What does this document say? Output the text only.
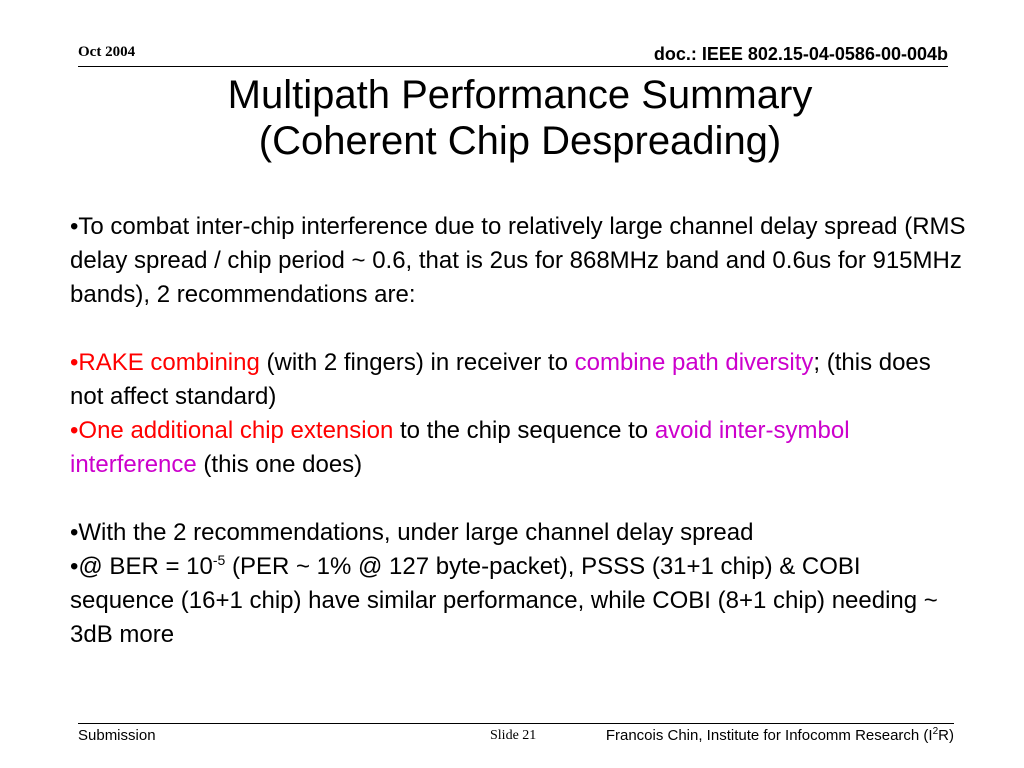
Oct 2004	doc.: IEEE 802.15-04-0586-00-004b
Multipath Performance Summary
(Coherent Chip Despreading)

•To combat inter-chip interference due to relatively large channel delay spread (RMS delay spread / chip period ~ 0.6, that is 2us for 868MHz band and 0.6us for 915MHz bands), 2 recommendations are:

•RAKE combining (with 2 fingers) in receiver to combine path diversity; (this does not affect standard)

•One additional chip extension to the chip sequence to avoid inter-symbol interference (this one does)

•With the 2 recommendations, under large channel delay spread

•@ BER = $10^{-5}$ (PER ~ 1% @ 127 byte-packet), PSSS (31+1 chip) & COBI sequence (16+1 chip) have similar performance, while COBI (8+1 chip) needing ~ 3dB more

Submission	Slide 21	Francois Chin, Institute for Infocomm Research $(I^2R)$
